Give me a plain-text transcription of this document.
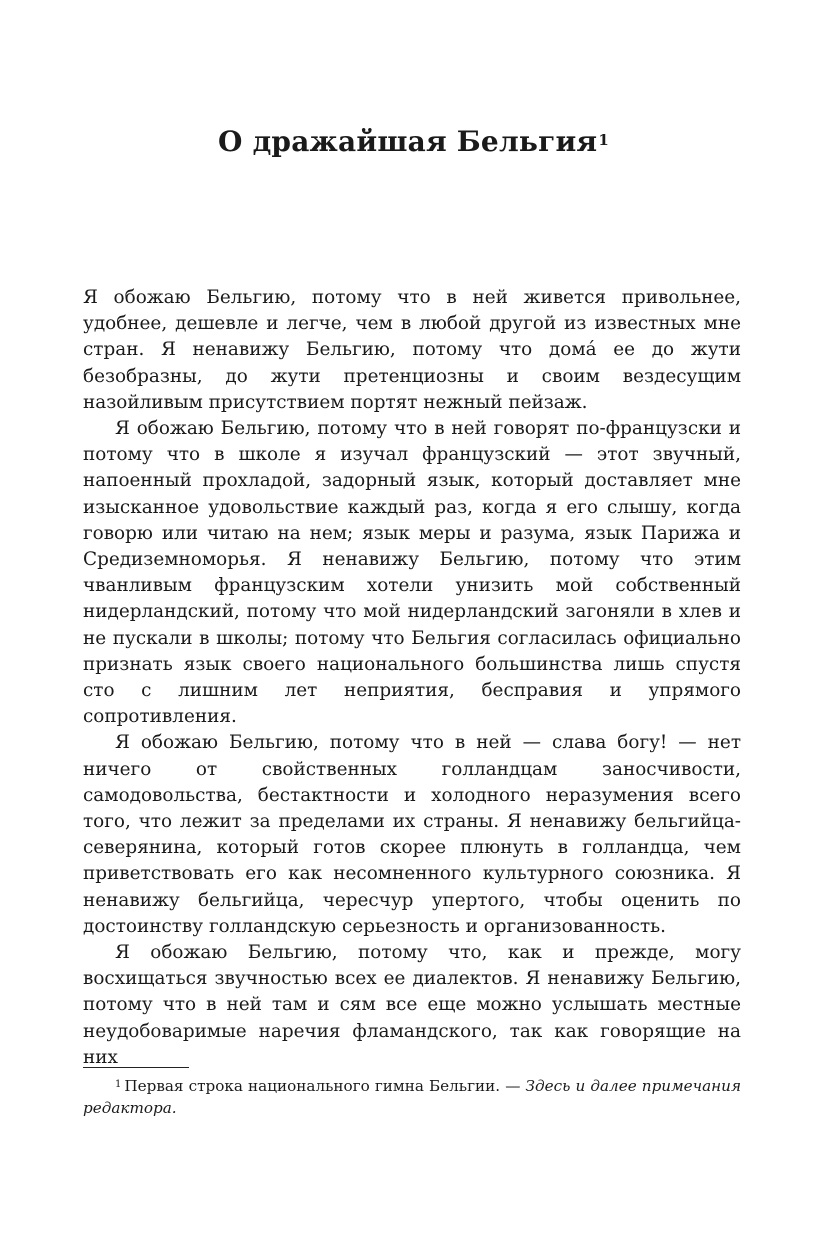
О дражайшая Бельгия$^1$

Я обожаю Бельгию, потому что в ней живется привольнее, удобнее, дешевле и легче, чем в любой другой из известных мне стран. Я ненавижу Бельгию, потому что домá ее до жути безобразны, до жути претенциозны и своим вездесущим назойливым присутствием портят нежный пейзаж.

Я обожаю Бельгию, потому что в ней говорят по-французски и потому что в школе я изучал французский — этот звучный, напоенный прохладой, задорный язык, который доставляет мне изысканное удовольствие каждый раз, когда я его слышу, когда говорю или читаю на нем; язык меры и разума, язык Парижа и Средиземноморья. Я ненавижу Бельгию, потому что этим чванливым французским хотели унизить мой собственный нидерландский, потому что мой нидерландский загоняли в хлев и не пускали в школы; потому что Бельгия согласилась официально признать язык своего национального большинства лишь спустя сто с лишним лет неприятия, бесправия и упрямого сопротивления.

Я обожаю Бельгию, потому что в ней — слава богу! — нет ничего от свойственных голландцам заносчивости, самодовольства, бестактности и холодного неразумения всего того, что лежит за пределами их страны. Я ненавижу бельгийца-северянина, который готов скорее плюнуть в голландца, чем приветствовать его как несомненного культурного союзника. Я ненавижу бельгийца, чересчур упертого, чтобы оценить по достоинству голландскую серьезность и организованность.

Я обожаю Бельгию, потому что, как и прежде, могу восхищаться звучностью всех ее диалектов. Я ненавижу Бельгию, потому что в ней там и сям все еще можно услышать местные неудобоваримые наречия фламандского, так как говорящие на них

$^1$ Первая строка национального гимна Бельгии. — Здесь и далее примечания редактора.
